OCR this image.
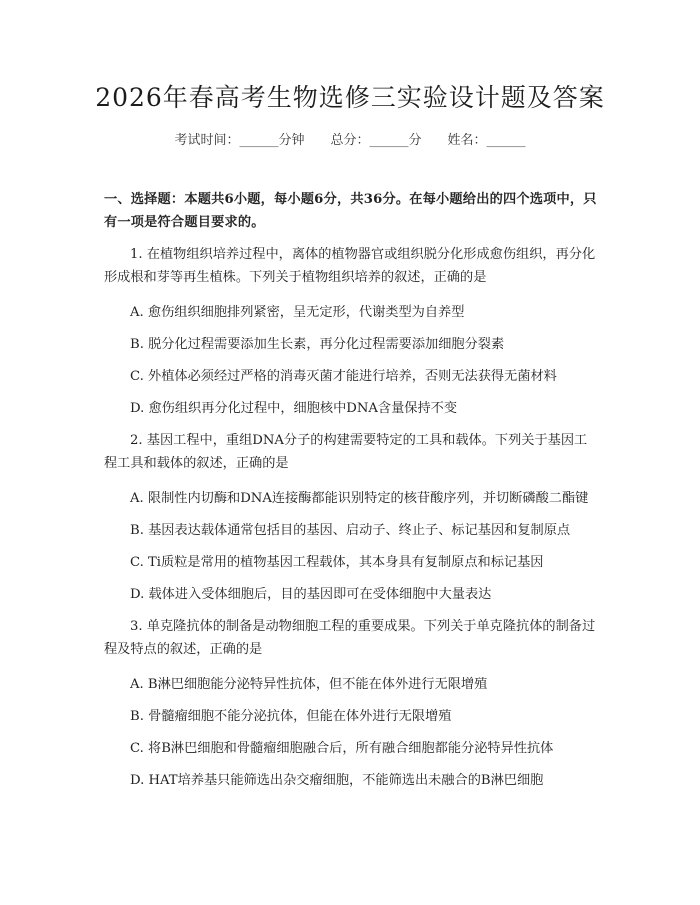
2026年春高考生物选修三实验设计题及答案
考试时间：______分钟 总分：______分 姓名：______
一、选择题：本题共6小题，每小题6分，共36分。在每小题给出的四个选项中，只有一项是符合题目要求的。
1. 在植物组织培养过程中，离体的植物器官或组织脱分化形成愈伤组织，再分化形成根和芽等再生植株。下列关于植物组织培养的叙述，正确的是
A. 愈伤组织细胞排列紧密，呈无定形，代谢类型为自养型
B. 脱分化过程需要添加生长素，再分化过程需要添加细胞分裂素
C. 外植体必须经过严格的消毒灭菌才能进行培养，否则无法获得无菌材料
D. 愈伤组织再分化过程中，细胞核中DNA含量保持不变
2. 基因工程中，重组DNA分子的构建需要特定的工具和载体。下列关于基因工程工具和载体的叙述，正确的是
A. 限制性内切酶和DNA连接酶都能识别特定的核苷酸序列，并切断磷酸二酯键
B. 基因表达载体通常包括目的基因、启动子、终止子、标记基因和复制原点
C. Ti质粒是常用的植物基因工程载体，其本身具有复制原点和标记基因
D. 载体进入受体细胞后，目的基因即可在受体细胞中大量表达
3. 单克隆抗体的制备是动物细胞工程的重要成果。下列关于单克隆抗体的制备过程及特点的叙述，正确的是
A. B淋巴细胞能分泌特异性抗体，但不能在体外进行无限增殖
B. 骨髓瘤细胞不能分泌抗体，但能在体外进行无限增殖
C. 将B淋巴细胞和骨髓瘤细胞融合后，所有融合细胞都能分泌特异性抗体
D. HAT培养基只能筛选出杂交瘤细胞，不能筛选出未融合的B淋巴细胞
